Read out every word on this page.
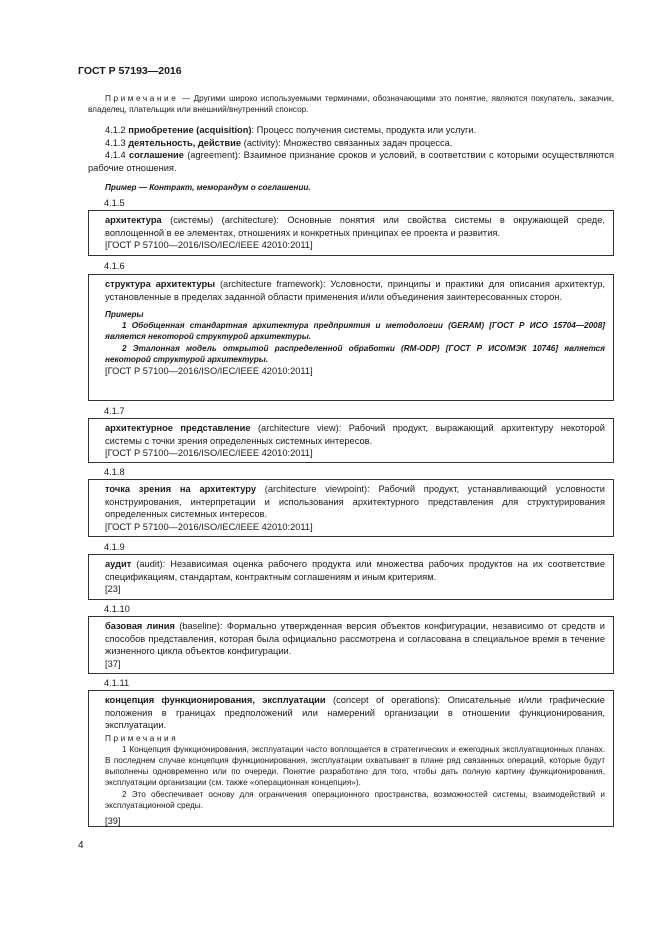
ГОСТ Р 57193—2016

Примечание — Другими широко используемыми терминами, обозначающими это понятие, являются покупатель, заказчик, владелец, плательщик или внешний/внутренний спонсор.

4.1.2 приобретение (acquisition): Процесс получения системы, продукта или услуги.

4.1.3 деятельность, действие (activity): Множество связанных задач процесса.

4.1.4 соглашение (agreement): Взаимное признание сроков и условий, в соответствии с которыми осуществляются рабочие отношения.

Пример — Контракт, меморандум о соглашении.

4.1.5

архитектура (системы) (architecture): Основные понятия или свойства системы в окружающей среде, воплощенной в ее элементах, отношениях и конкретных принципах ее проекта и развития.

[ГОСТ Р 57100—2016/ISO/IEC/IEEE 42010:2011]

4.1.6

структура архитектуры (architecture framework): Условности, принципы и практики для описания архитектур, установленные в пределах заданной области применения и/или объединения заинтересованных сторон.

Примеры

1 Обобщенная стандартная архитектура предприятия и методологии (GERAM) [ГОСТ Р ИСО 15704—2008] является некоторой структурой архитектуры.

2 Эталонная модель открытой распределенной обработки (RM-ODP) [ГОСТ Р ИСО/МЭК 10746] является некоторой структурой архитектуры.

[ГОСТ Р 57100—2016/ISO/IEC/IEEE 42010:2011]

4.1.7

архитектурное представление (architecture view): Рабочий продукт, выражающий архитектуру некоторой системы с точки зрения определенных системных интересов.

[ГОСТ Р 57100—2016/ISO/IEC/IEEE 42010:2011]

4.1.8

точка зрения на архитектуру (architecture viewpoint): Рабочий продукт, устанавливающий условности конструирования, интерпретации и использования архитектурного представления для структурирования определенных системных интересов.

[ГОСТ Р 57100—2016/ISO/IEC/IEEE 42010:2011]

4.1.9

аудит (audit): Независимая оценка рабочего продукта или множества рабочих продуктов на их соответствие спецификациям, стандартам, контрактным соглашениям и иным критериям.

[23]

4.1.10

базовая линия (baseline): Формально утвержденная версия объектов конфигурации, независимо от средств и способов представления, которая была официально рассмотрена и согласована в специальное время в течение жизненного цикла объектов конфигурации.

[37]

4.1.11

концепция функционирования, эксплуатации (concept of operations): Описательные и/или графические положения в границах предположений или намерений организации в отношении функционирования, эксплуатации.

Примечания

1 Концепция функционирования, эксплуатации часто воплощается в стратегических и ежегодных эксплуатационных планах. В последнем случае концепция функционирования, эксплуатации охватывает в плане ряд связанных операций, которые будут выполнены одновременно или по очереди. Понятие разработано для того, чтобы дать полную картину функционирования, эксплуатации организации (см. также «операционная концепция»).

2 Это обеспечивает основу для ограничения операционного пространства, возможностей системы, взаимодействий и эксплуатационной среды.

[39]

4
